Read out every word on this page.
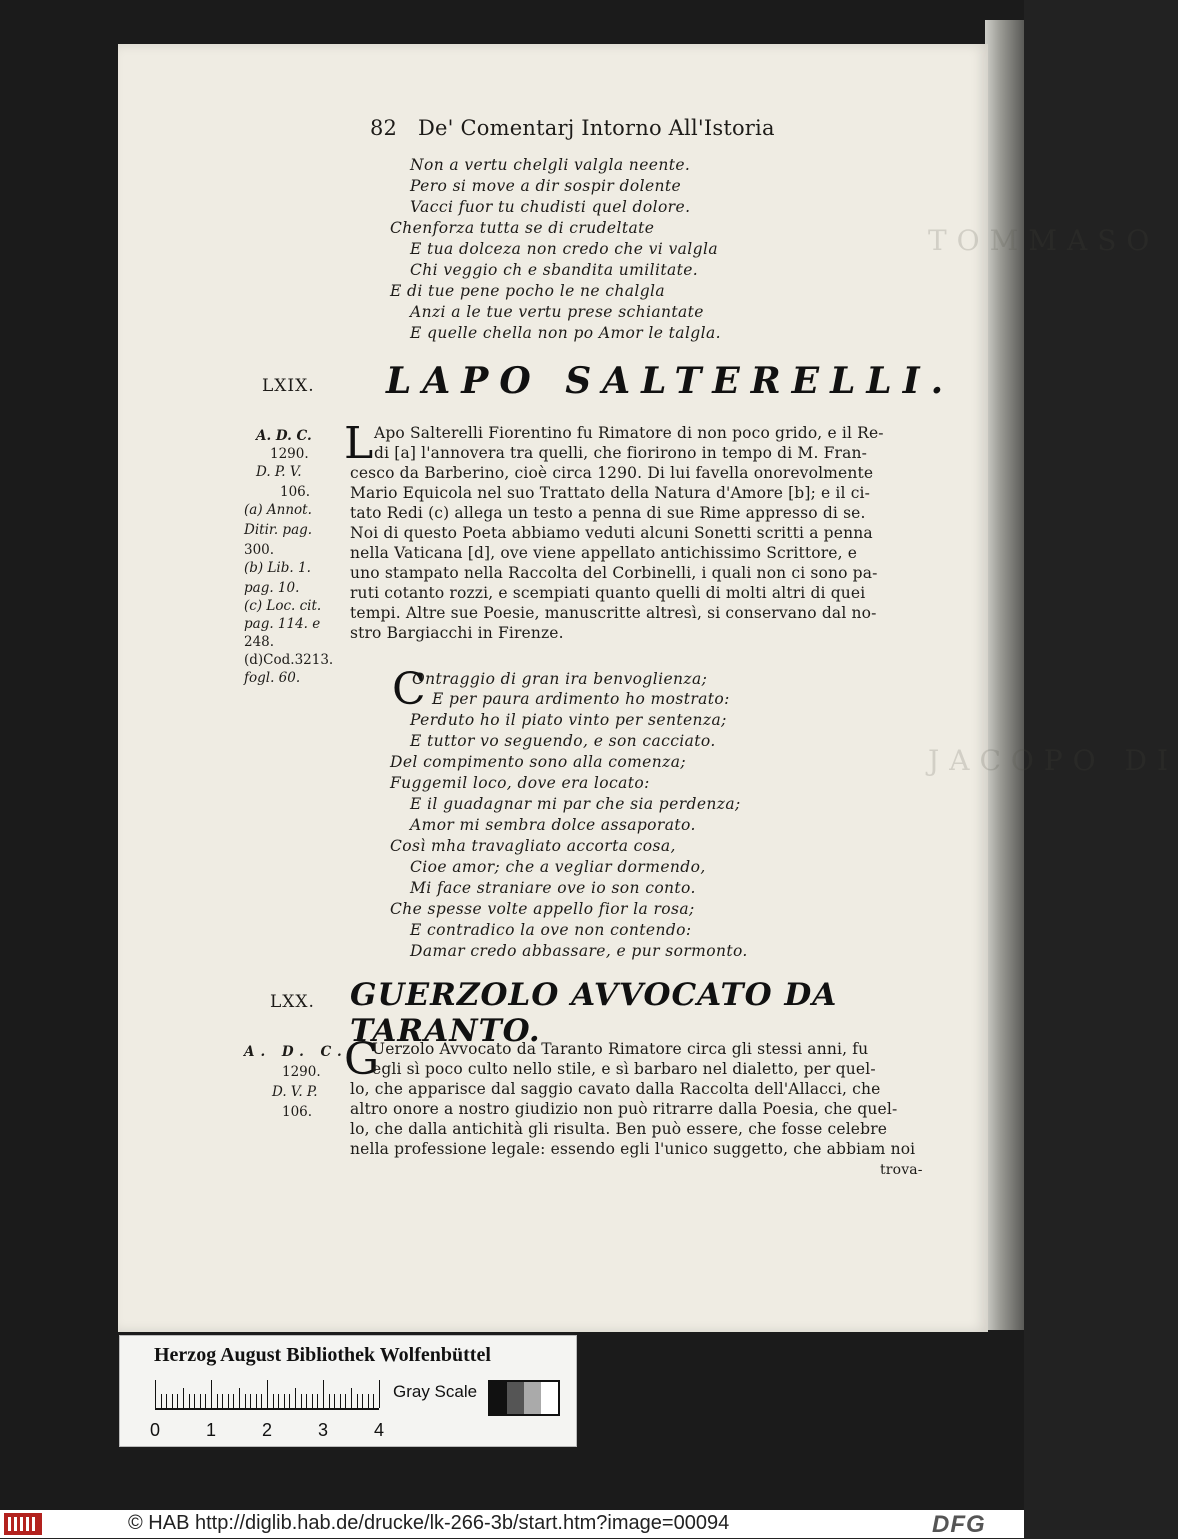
TOMMASO
JACOPO DI
82 De' Comentarj Intorno All'Istoria
Non a vertu chelgli valgla neente.
Pero si move a dir sospir dolente
Vacci fuor tu chudisti quel dolore.
Chenforza tutta se di crudeltate
E tua dolceza non credo che vi valgla
Chi veggio ch e sbandita umilitate.
E di tue pene pocho le ne chalgla
Anzi a le tue vertu prese schiantate
E quelle chella non po Amor le talgla.
LXIX. LAPO SALTERELLI.
A. D. C.
1290.
D. P. V.
106.
(a) Annot.
Ditir. pag.
300.
(b) Lib. 1.
pag. 10.
(c) Loc. cit.
pag. 114. e
248.
(d)Cod.3213.
fogl. 60.
L Apo Salterelli Fiorentino fu Rimatore di non poco grido, e il Re-
di [a] l'annovera tra quelli, che fiorirono in tempo di M. Fran-
cesco da Barberino, cioè circa 1290. Di lui favella onorevolmente
Mario Equicola nel suo Trattato della Natura d'Amore [b]; e il ci-
tato Redi (c) allega un testo a penna di sue Rime appresso di se.
Noi di questo Poeta abbiamo veduti alcuni Sonetti scritti a penna
nella Vaticana [d], ove viene appellato antichissimo Scrittore, e
uno stampato nella Raccolta del Corbinelli, i quali non ci sono pa-
ruti cotanto rozzi, e scempiati quanto quelli di molti altri di quei
tempi. Altre sue Poesie, manuscritte altresì, si conservano dal no-
stro Bargiacchi in Firenze.
C
Ontraggio di gran ira benvoglienza;
E per paura ardimento ho mostrato:
Perduto ho il piato vinto per sentenza;
E tuttor vo seguendo, e son cacciato.
Del compimento sono alla comenza;
Fuggemil loco, dove era locato:
E il guadagnar mi par che sia perdenza;
Amor mi sembra dolce assaporato.
Così mha travagliato accorta cosa,
Cioe amor; che a vegliar dormendo,
Mi face straniare ove io son conto.
Che spesse volte appello fior la rosa;
E contradico la ove non contendo:
Damar credo abbassare, e pur sormonto.
LXX. GUERZOLO AVVOCATO DA TARANTO.
A. D. C.
1290.
D. V. P.
106.
G
Uerzolo Avvocato da Taranto Rimatore circa gli stessi anni, fu
egli sì poco culto nello stile, e sì barbaro nel dialetto, per quel-
lo, che apparisce dal saggio cavato dalla Raccolta dell'Allacci, che
altro onore a nostro giudizio non può ritrarre dalla Poesia, che quel-
lo, che dalla antichità gli risulta. Ben può essere, che fosse celebre
nella professione legale: essendo egli l'unico suggetto, che abbiam noi
trova-
Herzog August Bibliothek Wolfenbüttel
0	1	2	3	4
Gray Scale
© HAB http://diglib.hab.de/drucke/lk-266-3b/start.htm?image=00094	DFG
